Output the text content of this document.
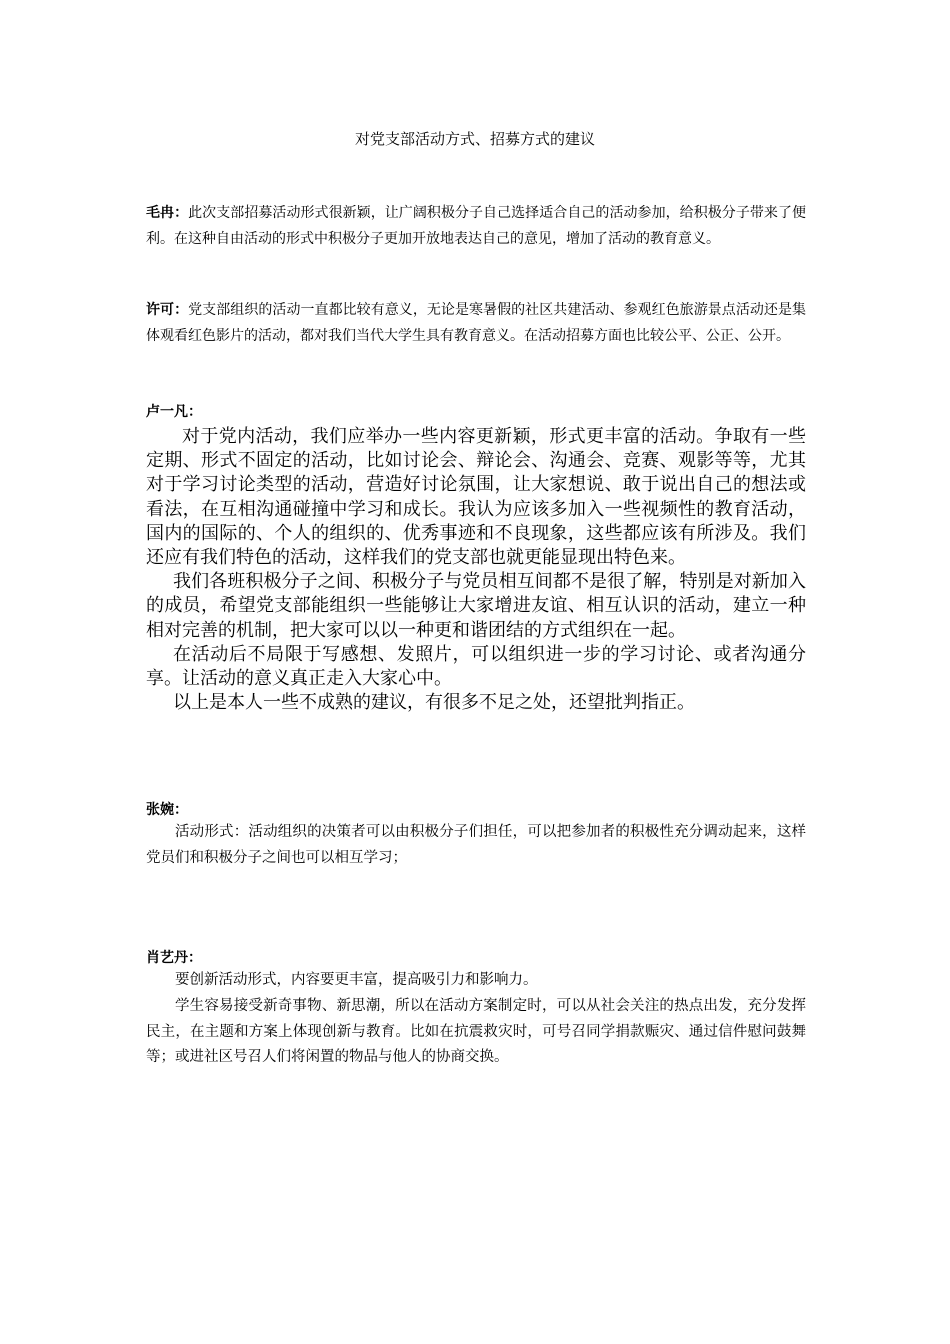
对党支部活动方式、招募方式的建议

毛冉：此次支部招募活动形式很新颖，让广阔积极分子自己选择适合自己的活动参加，给积极分子带来了便利。在这种自由活动的形式中积极分子更加开放地表达自己的意见，增加了活动的教育意义。

许可：党支部组织的活动一直都比较有意义，无论是寒暑假的社区共建活动、参观红色旅游景点活动还是集体观看红色影片的活动，都对我们当代大学生具有教育意义。在活动招募方面也比较公平、公正、公开。

卢一凡：

对于党内活动，我们应举办一些内容更新颖，形式更丰富的活动。争取有一些定期、形式不固定的活动，比如讨论会、辩论会、沟通会、竞赛、观影等等，尤其对于学习讨论类型的活动，营造好讨论氛围，让大家想说、敢于说出自己的想法或看法，在互相沟通碰撞中学习和成长。我认为应该多加入一些视频性的教育活动，国内的国际的、个人的组织的、优秀事迹和不良现象，这些都应该有所涉及。我们还应有我们特色的活动，这样我们的党支部也就更能显现出特色来。

我们各班积极分子之间、积极分子与党员相互间都不是很了解，特别是对新加入的成员，希望党支部能组织一些能够让大家增进友谊、相互认识的活动，建立一种相对完善的机制，把大家可以以一种更和谐团结的方式组织在一起。

在活动后不局限于写感想、发照片，可以组织进一步的学习讨论、或者沟通分享。让活动的意义真正走入大家心中。

以上是本人一些不成熟的建议，有很多不足之处，还望批判指正。

张婉：

活动形式：活动组织的决策者可以由积极分子们担任，可以把参加者的积极性充分调动起来，这样党员们和积极分子之间也可以相互学习；

肖艺丹：

要创新活动形式，内容要更丰富，提高吸引力和影响力。

学生容易接受新奇事物、新思潮，所以在活动方案制定时，可以从社会关注的热点出发，充分发挥民主，在主题和方案上体现创新与教育。比如在抗震救灾时，可号召同学捐款赈灾、通过信件慰问鼓舞等；或进社区号召人们将闲置的物品与他人的协商交换。
